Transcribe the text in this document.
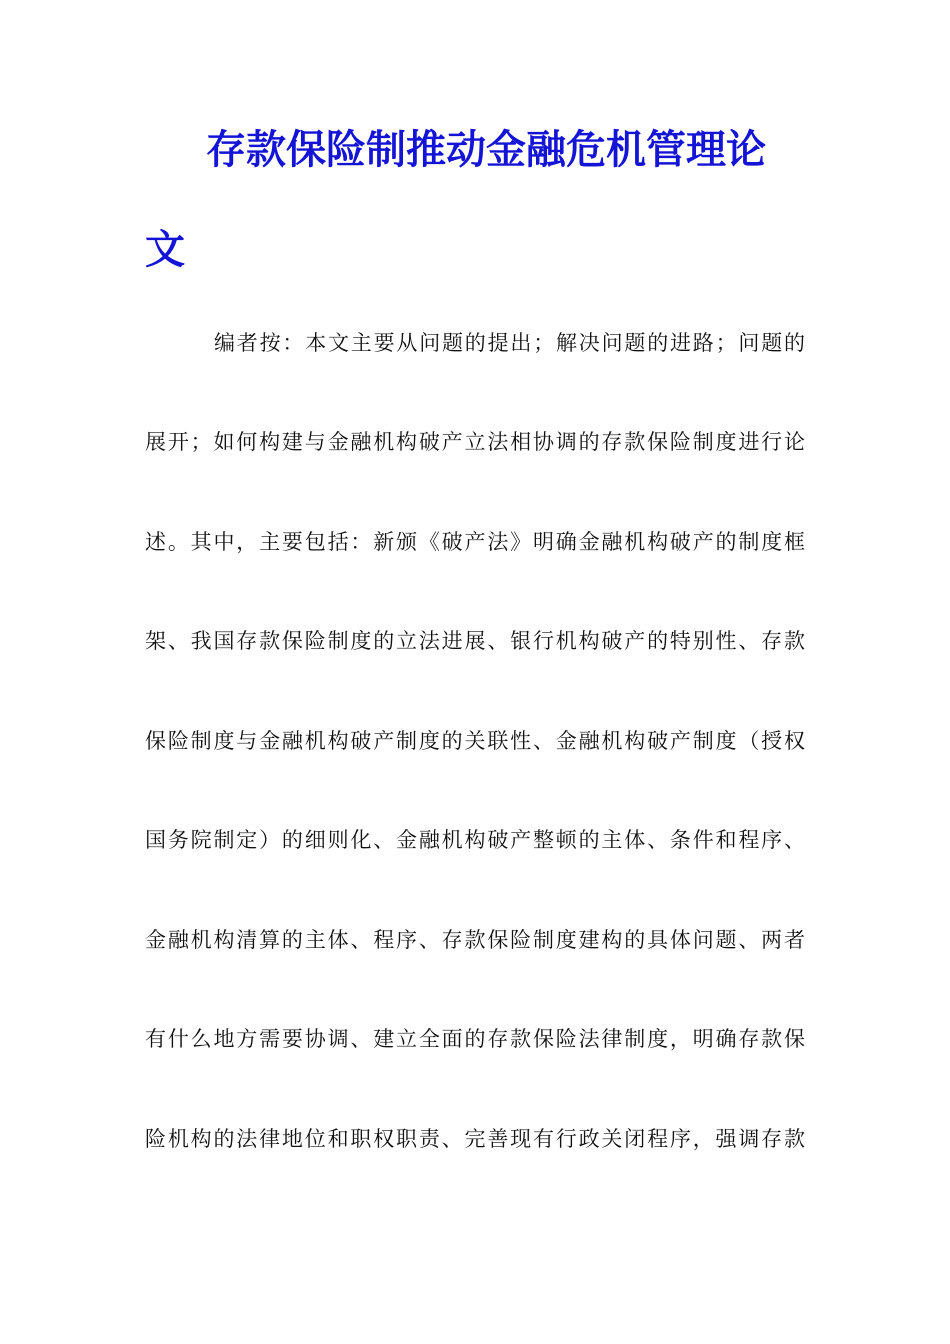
存款保险制推动金融危机管理论
文
编者按：本文主要从问题的提出；解决问题的进路；问题的
展开；如何构建与金融机构破产立法相协调的存款保险制度进行论
述。其中，主要包括：新颁《破产法》明确金融机构破产的制度框
架、我国存款保险制度的立法进展、银行机构破产的特别性、存款
保险制度与金融机构破产制度的关联性、金融机构破产制度（授权
国务院制定）的细则化、金融机构破产整顿的主体、条件和程序、
金融机构清算的主体、程序、存款保险制度建构的具体问题、两者
有什么地方需要协调、建立全面的存款保险法律制度，明确存款保
险机构的法律地位和职权职责、完善现有行政关闭程序，强调存款
